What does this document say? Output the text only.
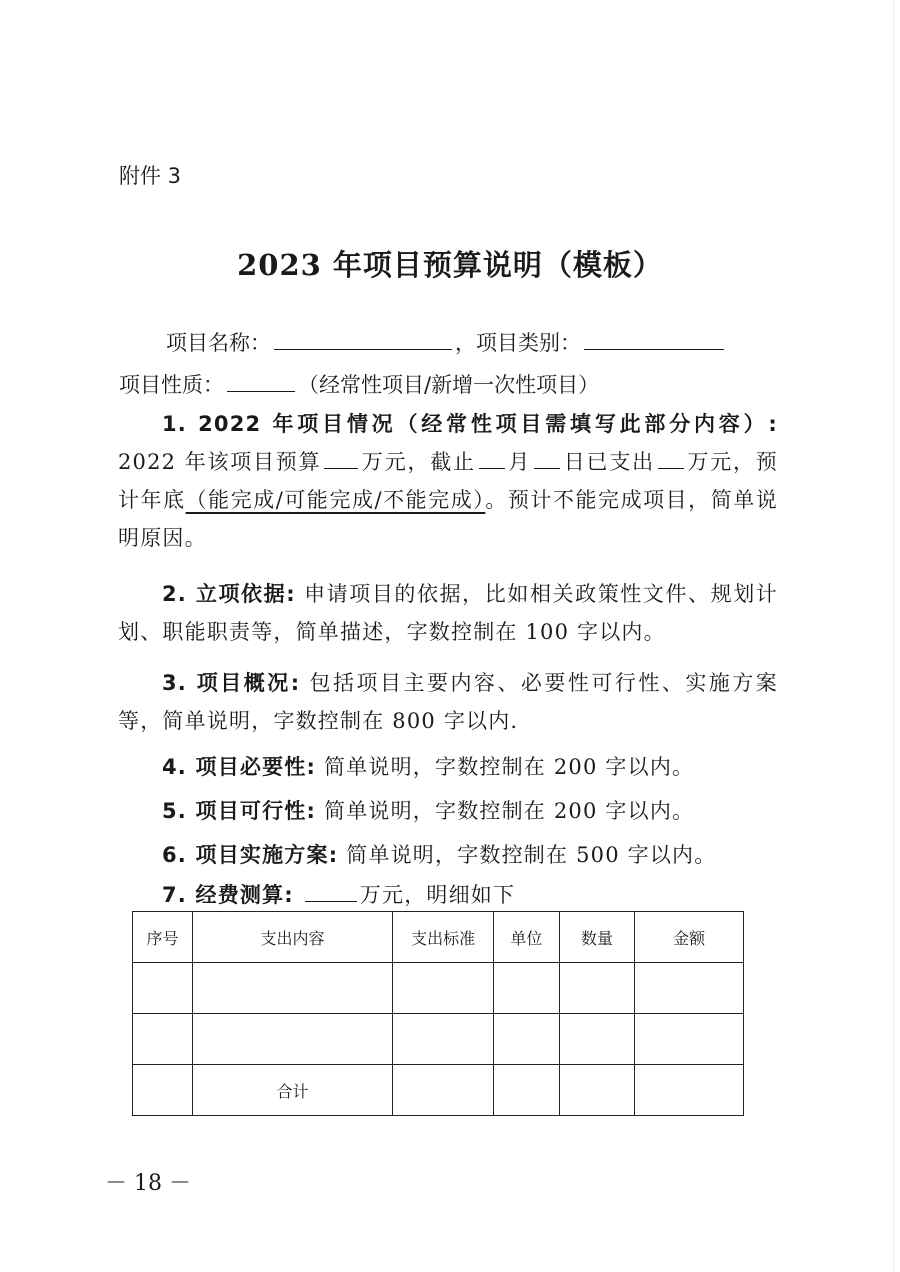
附件 3
2023 年项目预算说明（模板）
项目名称：	，项目类别：
项目性质：	（经常性项目/新增一次性项目）
1. 2022 年项目情况（经常性项目需填写此部分内容）: 2022 年该项目预算 万元，截止 月 日已支出 万元，预计年底（能完成/可能完成/不能完成）。预计不能完成项目，简单说明原因。
2. 立项依据: 申请项目的依据，比如相关政策性文件、规划计划、职能职责等，简单描述，字数控制在 100 字以内。
3. 项目概况: 包括项目主要内容、必要性可行性、实施方案等，简单说明，字数控制在 800 字以内.
4. 项目必要性: 简单说明，字数控制在 200 字以内。
5. 项目可行性: 简单说明，字数控制在 200 字以内。
6. 项目实施方案: 简单说明，字数控制在 500 字以内。
7. 经费测算:	万元，明细如下
序号	支出内容	支出标准	单位	数量	金额

	合计				
－ 18 －
